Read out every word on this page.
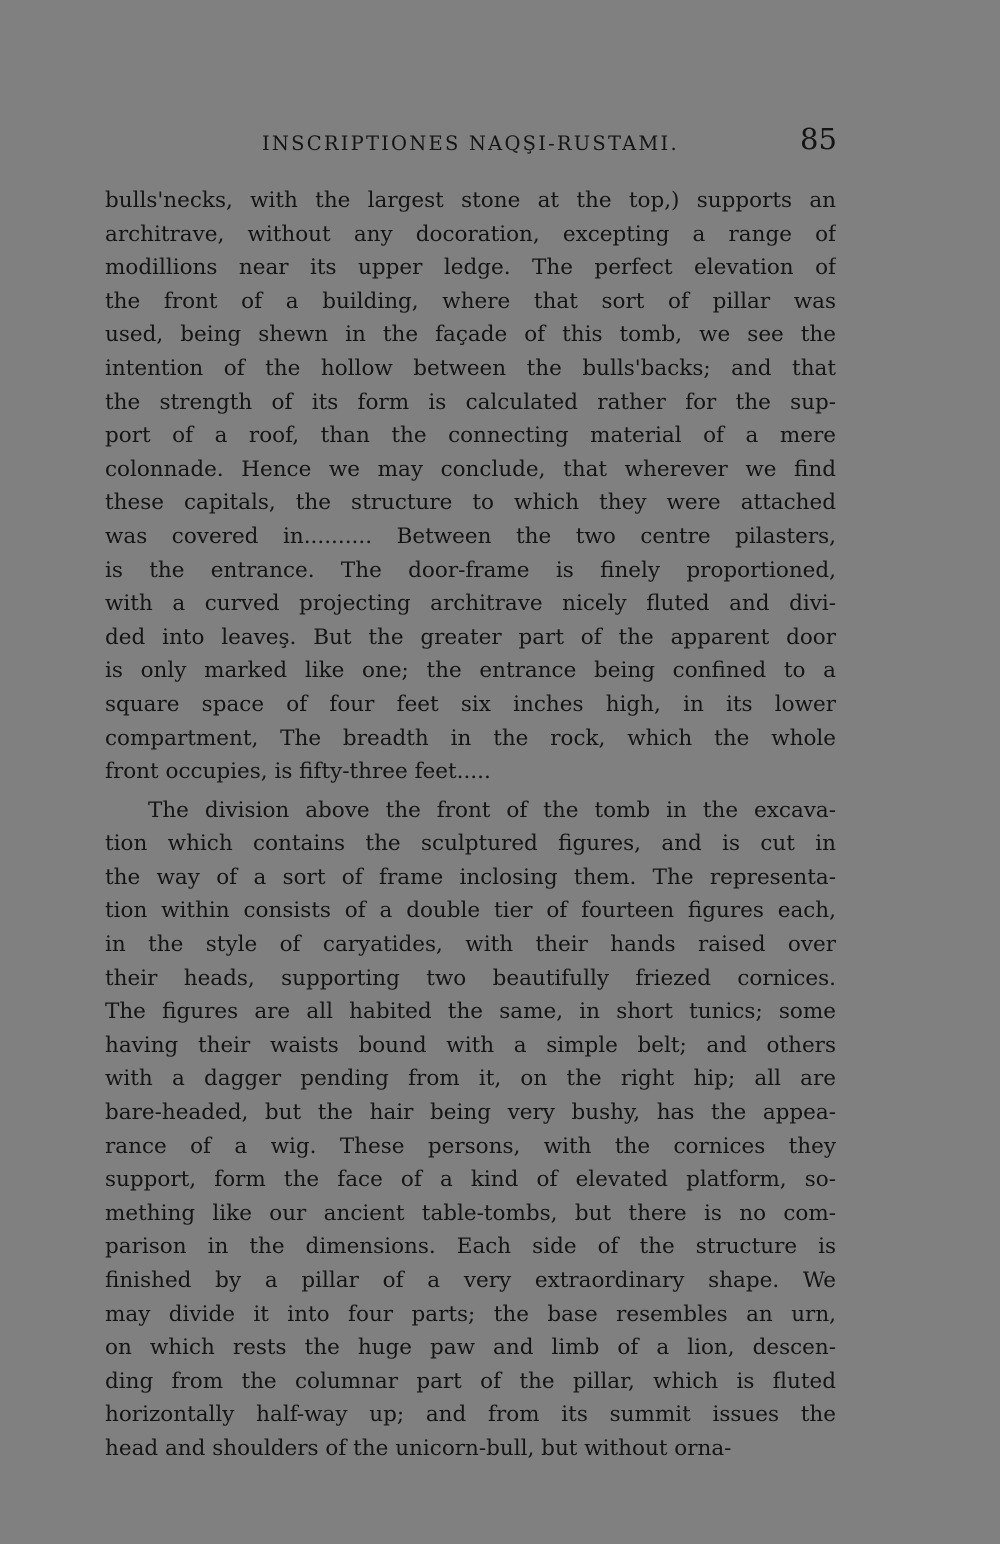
INSCRIPTIONES NAQŞI-RUSTAMI.	85
bulls'necks, with the largest stone at the top,) supports an
architrave, without any docoration, excepting a range of
modillions near its upper ledge. The perfect elevation of
the front of a building, where that sort of pillar was
used, being shewn in the façade of this tomb, we see the
intention of the hollow between the bulls'backs; and that
the strength of its form is calculated rather for the sup-
port of a roof, than the connecting material of a mere
colonnade. Hence we may conclude, that wherever we find
these capitals, the structure to which they were attached
was covered in.......... Between the two centre pilasters,
is the entrance. The door-frame is finely proportioned,
with a curved projecting architrave nicely fluted and divi-
ded into leaveş. But the greater part of the apparent door
is only marked like one; the entrance being confined to a
square space of four feet six inches high, in its lower
compartment, The breadth in the rock, which the whole
front occupies, is fifty-three feet.....
The division above the front of the tomb in the excava-
tion which contains the sculptured figures, and is cut in
the way of a sort of frame inclosing them. The representa-
tion within consists of a double tier of fourteen figures each,
in the style of caryatides, with their hands raised over
their heads, supporting two beautifully friezed cornices.
The figures are all habited the same, in short tunics; some
having their waists bound with a simple belt; and others
with a dagger pending from it, on the right hip; all are
bare-headed, but the hair being very bushy, has the appea-
rance of a wig. These persons, with the cornices they
support, form the face of a kind of elevated platform, so-
mething like our ancient table-tombs, but there is no com-
parison in the dimensions. Each side of the structure is
finished by a pillar of a very extraordinary shape. We
may divide it into four parts; the base resembles an urn,
on which rests the huge paw and limb of a lion, descen-
ding from the columnar part of the pillar, which is fluted
horizontally half-way up; and from its summit issues the
head and shoulders of the unicorn-bull, but without orna-
